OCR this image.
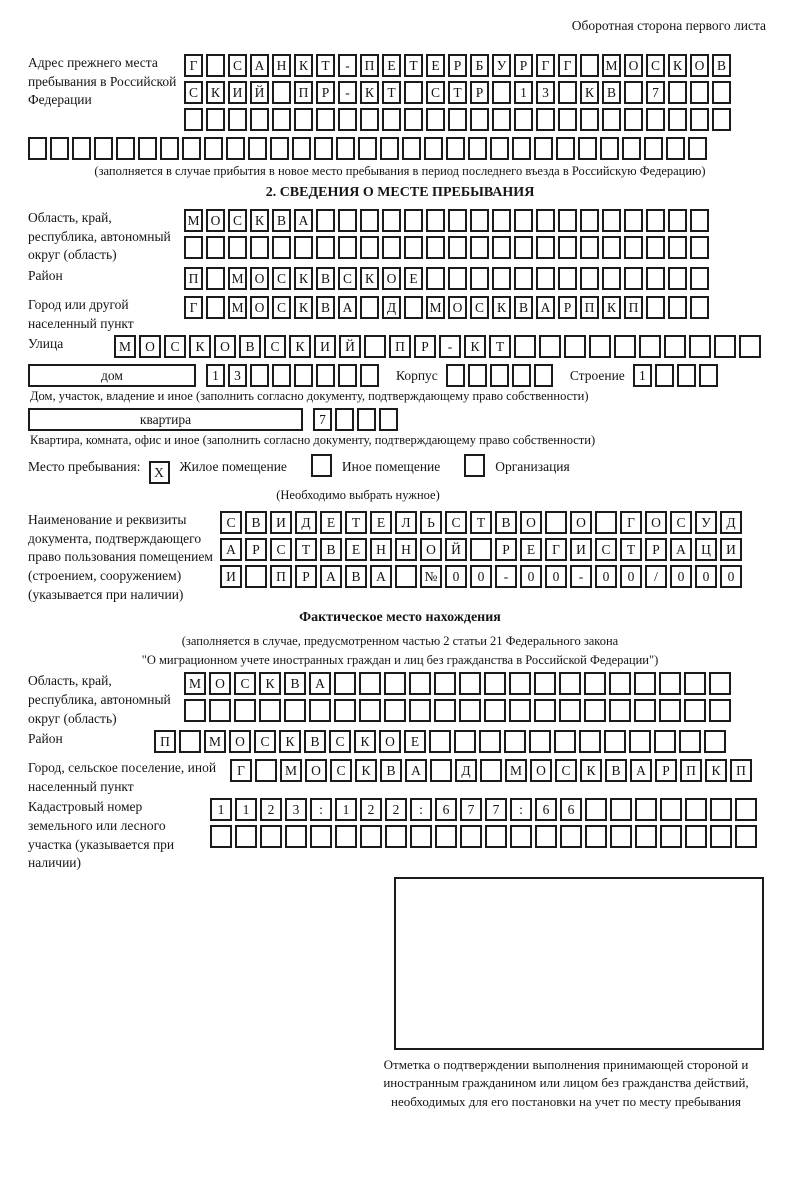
Оборотная сторона первого листа
Адрес прежнего места пребывания в Российской Федерации
Г	С А Н К Т - П Е Т Е Р Б У Р Г Г	М О С К О В
С К И Й	П Р - К Т	С Т Р	1 3	К В	7
(заполняется в случае прибытия в новое место пребывания в период последнего въезда в Российскую Федерацию)
2. СВЕДЕНИЯ О МЕСТЕ ПРЕБЫВАНИЯ
Область, край, республика, автономный округ (область)
М О С К В А
Район	П М О С К В С К О Е
Город или другой населенный пункт
Г	М О С К В А	Д М О С К В А Р П К П
Улица	М О С К О В С К И Й	П Р - К Т
дом	1 3	Корпус	Строение 1
Дом, участок, владение и иное (заполнить согласно документу, подтверждающему право собственности)
квартира	7
Квартира, комната, офис и иное (заполнить согласно документу, подтверждающему право собственности)
Место пребывания: X Жилое помещение	Иное помещение	Организация
(Необходимо выбрать нужное)
Наименование и реквизиты документа, подтверждающего право пользования помещением (строением, сооружением) (указывается при наличии)
С В И Д Е Т Е Л Ь С Т В О	О	Г О С У Д
А Р С Т В Е Н Н О Й	Р Е Г И С Т Р А Ц И
И	П Р А В А	№ 0 0 - 0 0 - 0 0 / 0 0 0
Фактическое место нахождения
(заполняется в случае, предусмотренном частью 2 статьи 21 Федерального закона
"О миграционном учете иностранных граждан и лиц без гражданства в Российской Федерации")
Область, край, республика, автономный округ (область)
М О С К В А
Район	П	М О С К В С К О Е
Город, сельское поселение, иной населенный пункт
Г	М О С К В А	Д	М О С К В А Р П К П
Кадастровый номер земельного или лесного участка (указывается при наличии)
1 1 2 3 : 1 2 2 : 6 7 7 : 6 6
Отметка о подтверждении выполнения принимающей стороной и иностранным гражданином или лицом без гражданства действий, необходимых для его постановки на учет по месту пребывания
